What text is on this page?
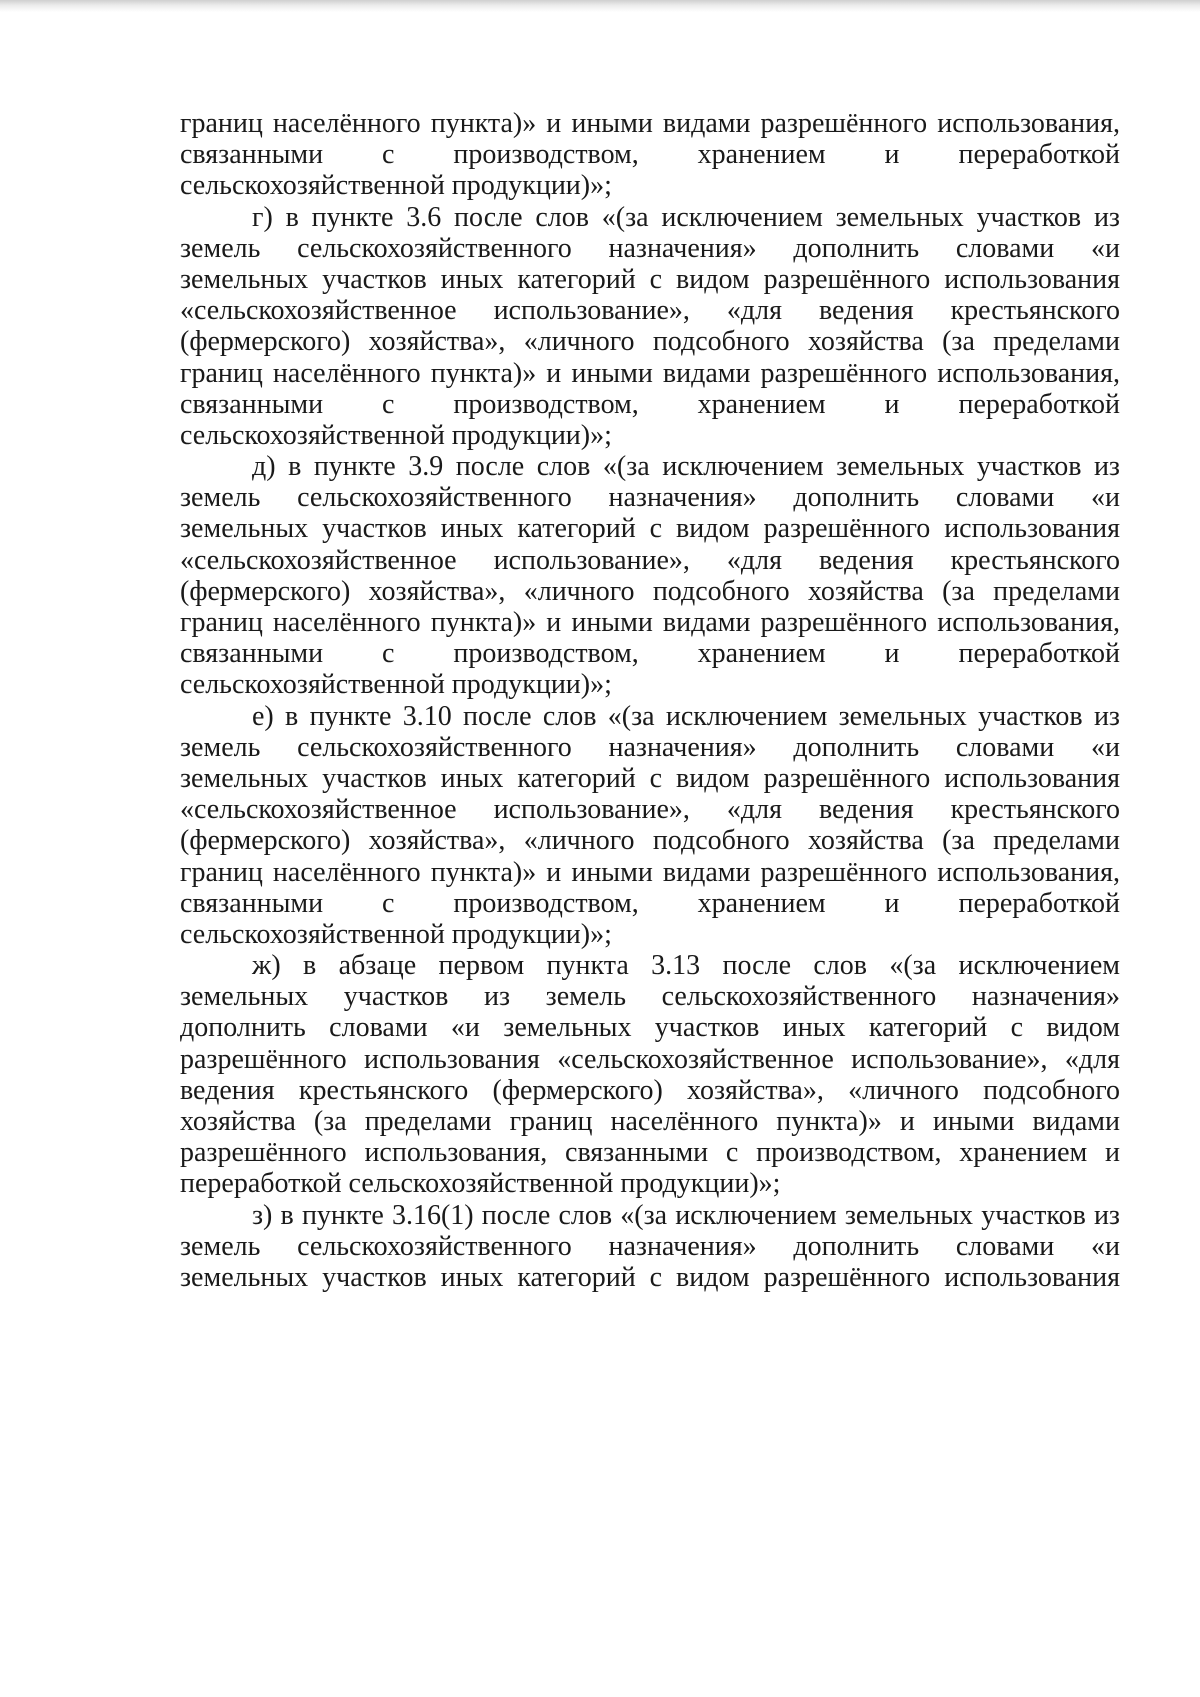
границ населённого пункта)» и иными видами разрешённого использования,
связанными с производством, хранением и переработкой
сельскохозяйственной продукции)»;
г) в пункте 3.6 после слов «(за исключением земельных участков из
земель сельскохозяйственного назначения» дополнить словами «и
земельных участков иных категорий с видом разрешённого использования
«сельскохозяйственное использование», «для ведения крестьянского
(фермерского) хозяйства», «личного подсобного хозяйства (за пределами
границ населённого пункта)» и иными видами разрешённого использования,
связанными с производством, хранением и переработкой
сельскохозяйственной продукции)»;
д) в пункте 3.9 после слов «(за исключением земельных участков из
земель сельскохозяйственного назначения» дополнить словами «и
земельных участков иных категорий с видом разрешённого использования
«сельскохозяйственное использование», «для ведения крестьянского
(фермерского) хозяйства», «личного подсобного хозяйства (за пределами
границ населённого пункта)» и иными видами разрешённого использования,
связанными с производством, хранением и переработкой
сельскохозяйственной продукции)»;
е) в пункте 3.10 после слов «(за исключением земельных участков из
земель сельскохозяйственного назначения» дополнить словами «и
земельных участков иных категорий с видом разрешённого использования
«сельскохозяйственное использование», «для ведения крестьянского
(фермерского) хозяйства», «личного подсобного хозяйства (за пределами
границ населённого пункта)» и иными видами разрешённого использования,
связанными с производством, хранением и переработкой
сельскохозяйственной продукции)»;
ж) в абзаце первом пункта 3.13 после слов «(за исключением
земельных участков из земель сельскохозяйственного назначения»
дополнить словами «и земельных участков иных категорий с видом
разрешённого использования «сельскохозяйственное использование», «для
ведения крестьянского (фермерского) хозяйства», «личного подсобного
хозяйства (за пределами границ населённого пункта)» и иными видами
разрешённого использования, связанными с производством, хранением и
переработкой сельскохозяйственной продукции)»;
з) в пункте 3.16(1) после слов «(за исключением земельных участков из
земель сельскохозяйственного назначения» дополнить словами «и
земельных участков иных категорий с видом разрешённого использования
